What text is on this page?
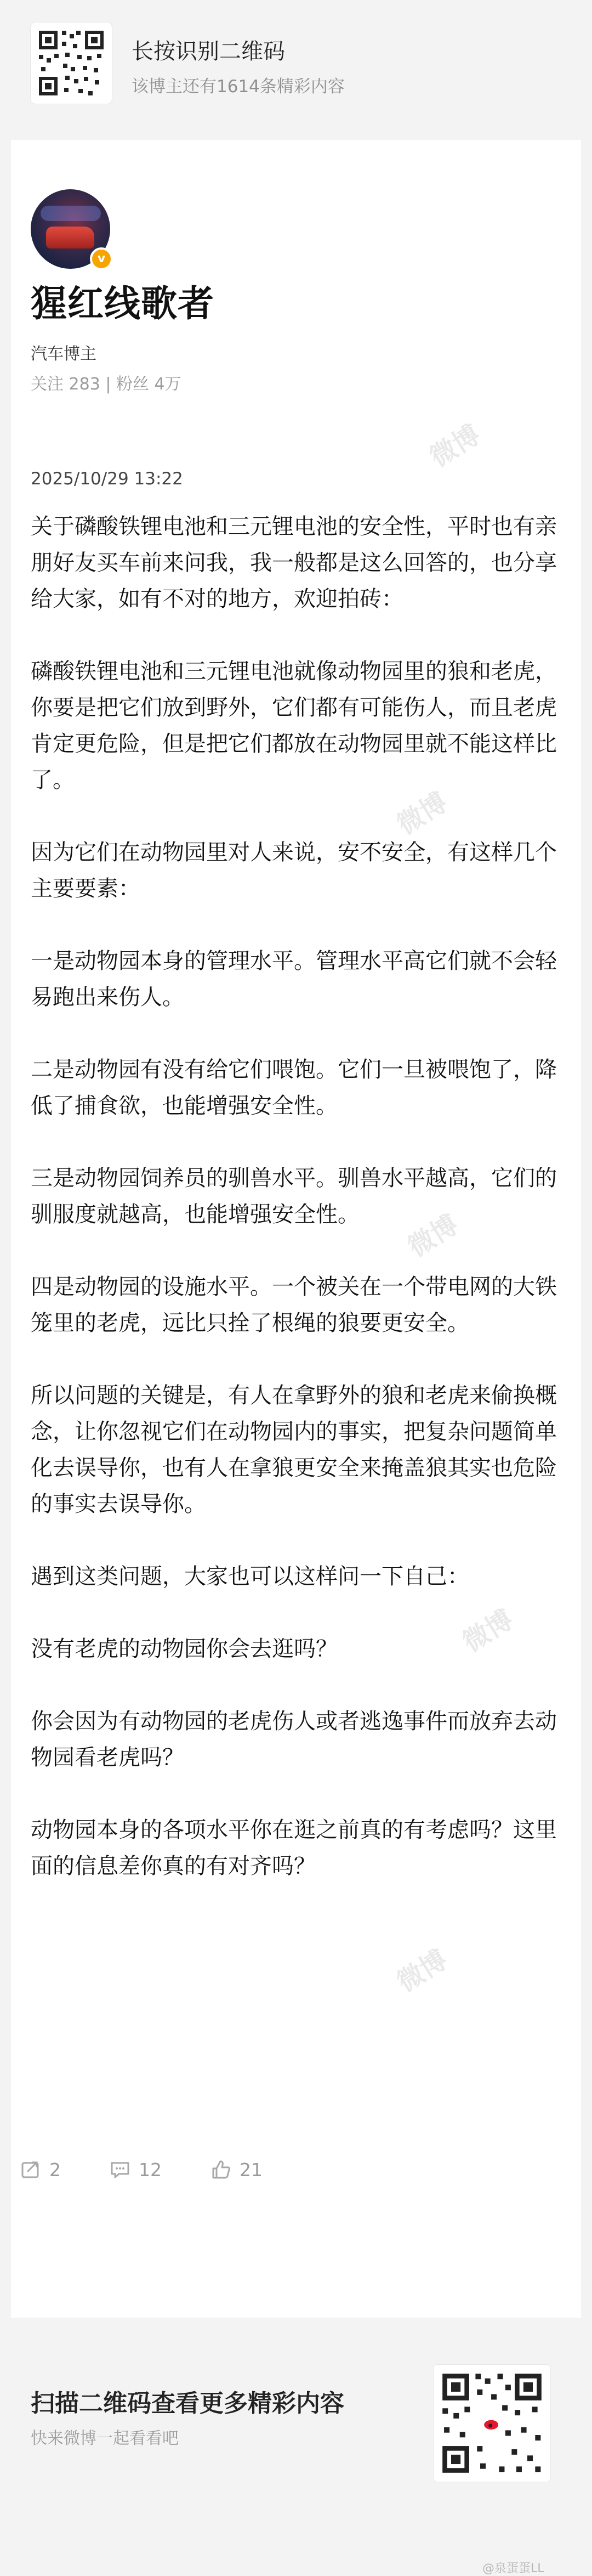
长按识别二维码
该博主还有1614条精彩内容
v
猩红线歌者
汽车博主
关注 283 | 粉丝 4万
2025/10/29 13:22

关于磷酸铁锂电池和三元锂电池的安全性，平时也有亲朋好友买车前来问我，我一般都是这么回答的，也分享给大家，如有不对的地方，欢迎拍砖：

磷酸铁锂电池和三元锂电池就像动物园里的狼和老虎，你要是把它们放到野外，它们都有可能伤人，而且老虎肯定更危险，但是把它们都放在动物园里就不能这样比了。

因为它们在动物园里对人来说，安不安全，有这样几个主要要素：

一是动物园本身的管理水平。管理水平高它们就不会轻易跑出来伤人。

二是动物园有没有给它们喂饱。它们一旦被喂饱了，降低了捕食欲，也能增强安全性。

三是动物园饲养员的驯兽水平。驯兽水平越高，它们的驯服度就越高，也能增强安全性。

四是动物园的设施水平。一个被关在一个带电网的大铁笼里的老虎，远比只拴了根绳的狼要更安全。

所以问题的关键是，有人在拿野外的狼和老虎来偷换概念，让你忽视它们在动物园内的事实，把复杂问题简单化去误导你，也有人在拿狼更安全来掩盖狼其实也危险的事实去误导你。

遇到这类问题，大家也可以这样问一下自己：

没有老虎的动物园你会去逛吗？

你会因为有动物园的老虎伤人或者逃逸事件而放弃去动物园看老虎吗？

动物园本身的各项水平你在逛之前真的有考虑吗？这里面的信息差你真的有对齐吗？

微博
微博
微博
微博
微博
2	12	21
扫描二维码查看更多精彩内容
快来微博一起看看吧
@泉蛋蛋LL
